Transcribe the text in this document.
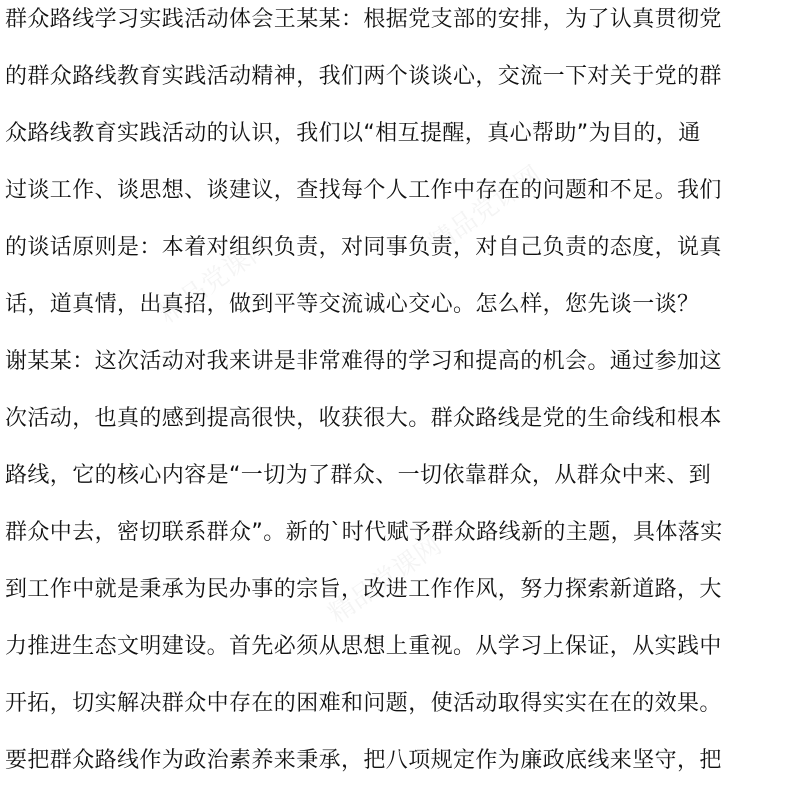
精品党课网
精品党课网
精品党课网
群众路线学习实践活动体会王某某：根据党支部的安排，为了认真贯彻党
的群众路线教育实践活动精神，我们两个谈谈心，交流一下对关于党的群
众路线教育实践活动的认识，我们以“相互提醒，真心帮助”为目的，通
过谈工作、谈思想、谈建议，查找每个人工作中存在的问题和不足。我们
的谈话原则是：本着对组织负责，对同事负责，对自己负责的态度，说真
话，道真情，出真招，做到平等交流诚心交心。怎么样，您先谈一谈？
谢某某：这次活动对我来讲是非常难得的学习和提高的机会。通过参加这
次活动，也真的感到提高很快，收获很大。群众路线是党的生命线和根本
路线，它的核心内容是“一切为了群众、一切依靠群众，从群众中来、到
群众中去，密切联系群众”。新的`时代赋予群众路线新的主题，具体落实
到工作中就是秉承为民办事的宗旨，改进工作作风，努力探索新道路，大
力推进生态文明建设。首先必须从思想上重视。从学习上保证，从实践中
开拓，切实解决群众中存在的困难和问题，使活动取得实实在在的效果。
要把群众路线作为政治素养来秉承，把八项规定作为廉政底线来坚守，把
